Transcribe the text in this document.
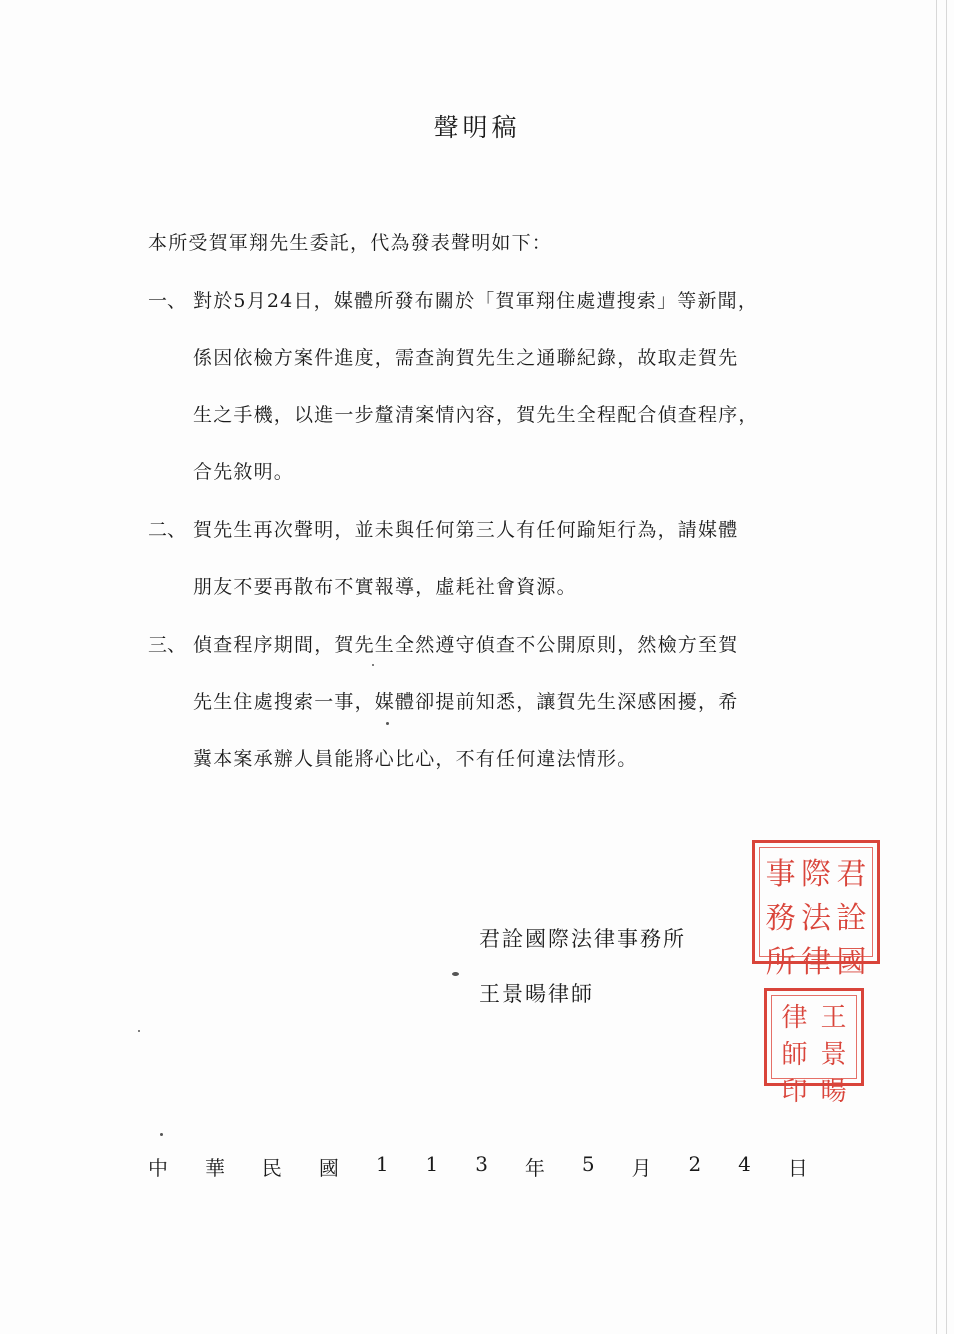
聲明稿
本所受賀軍翔先生委託，代為發表聲明如下：
一、 對於5月24日，媒體所發布關於「賀軍翔住處遭搜索」等新聞，
係因依檢方案件進度，需查詢賀先生之通聯紀錄，故取走賀先
生之手機，以進一步釐清案情內容，賀先生全程配合偵查程序，
合先敘明。
二、 賀先生再次聲明，並未與任何第三人有任何踰矩行為，請媒體
朋友不要再散布不實報導，虛耗社會資源。
三、 偵查程序期間，賀先生全然遵守偵查不公開原則，然檢方至賀
先生住處搜索一事，媒體卻提前知悉，讓賀先生深感困擾，希
冀本案承辦人員能將心比心，不有任何違法情形。
君詮國際法律事務所
王景暘律師
君
詮
國
際
法
律
事
務
所
王
景
暘
律
師
印
中 華 民 國 1 1 3 年 5 月 2 4 日
